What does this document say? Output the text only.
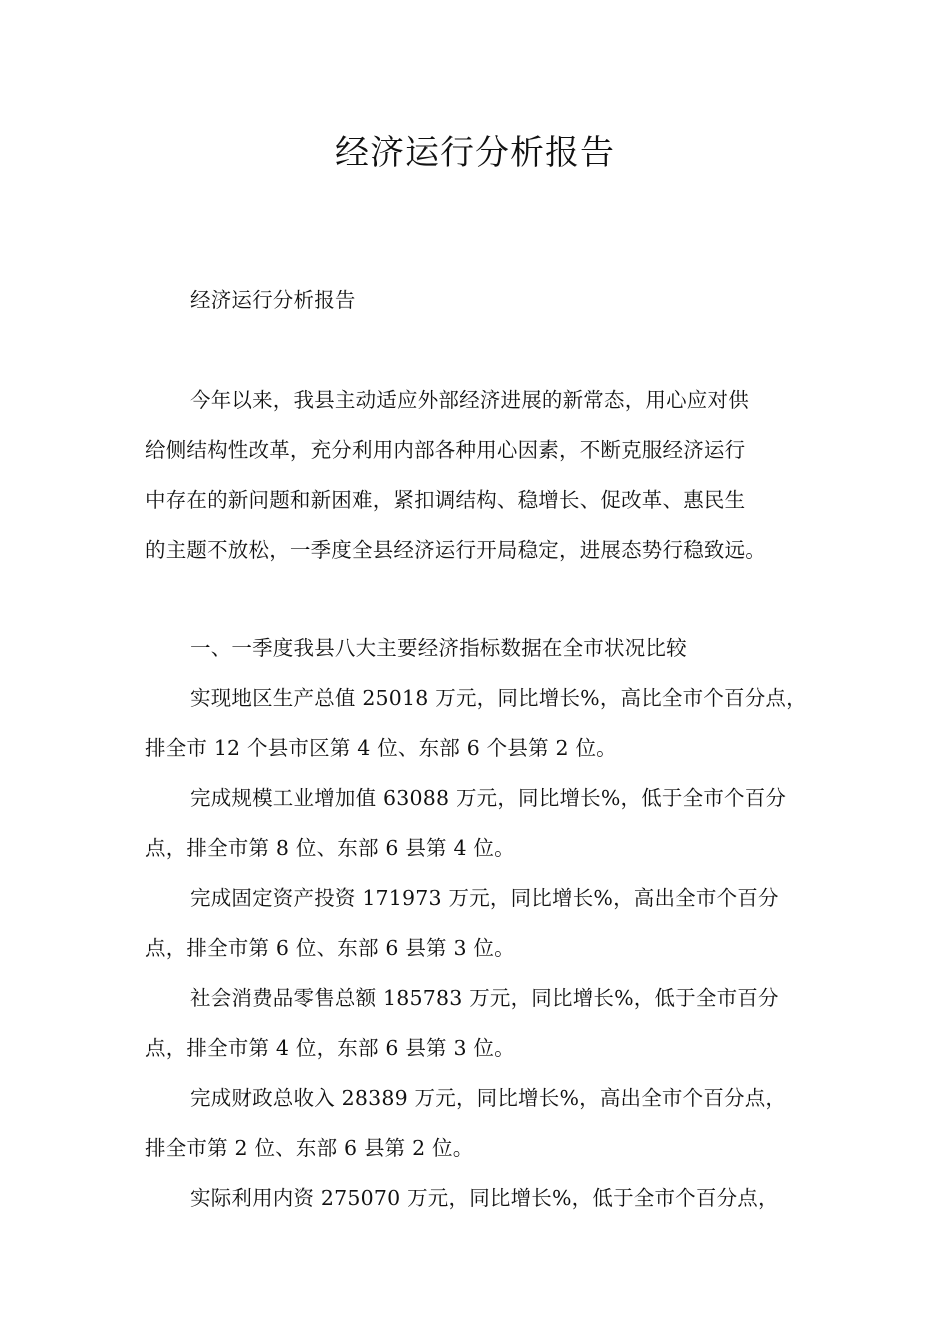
经济运行分析报告
经济运行分析报告
今年以来，我县主动适应外部经济进展的新常态，用心应对供
给侧结构性改革，充分利用内部各种用心因素，不断克服经济运行
中存在的新问题和新困难，紧扣调结构、稳增长、促改革、惠民生
的主题不放松，一季度全县经济运行开局稳定，进展态势行稳致远。
一、一季度我县八大主要经济指标数据在全市状况比较
实现地区生产总值 25018 万元，同比增长%，高比全市个百分点，
排全市 12 个县市区第 4 位、东部 6 个县第 2 位。
完成规模工业增加值 63088 万元，同比增长%，低于全市个百分
点，排全市第 8 位、东部 6 县第 4 位。
完成固定资产投资 171973 万元，同比增长%，高出全市个百分
点，排全市第 6 位、东部 6 县第 3 位。
社会消费品零售总额 185783 万元，同比增长%，低于全市百分
点，排全市第 4 位，东部 6 县第 3 位。
完成财政总收入 28389 万元，同比增长%，高出全市个百分点，
排全市第 2 位、东部 6 县第 2 位。
实际利用内资 275070 万元，同比增长%，低于全市个百分点，
